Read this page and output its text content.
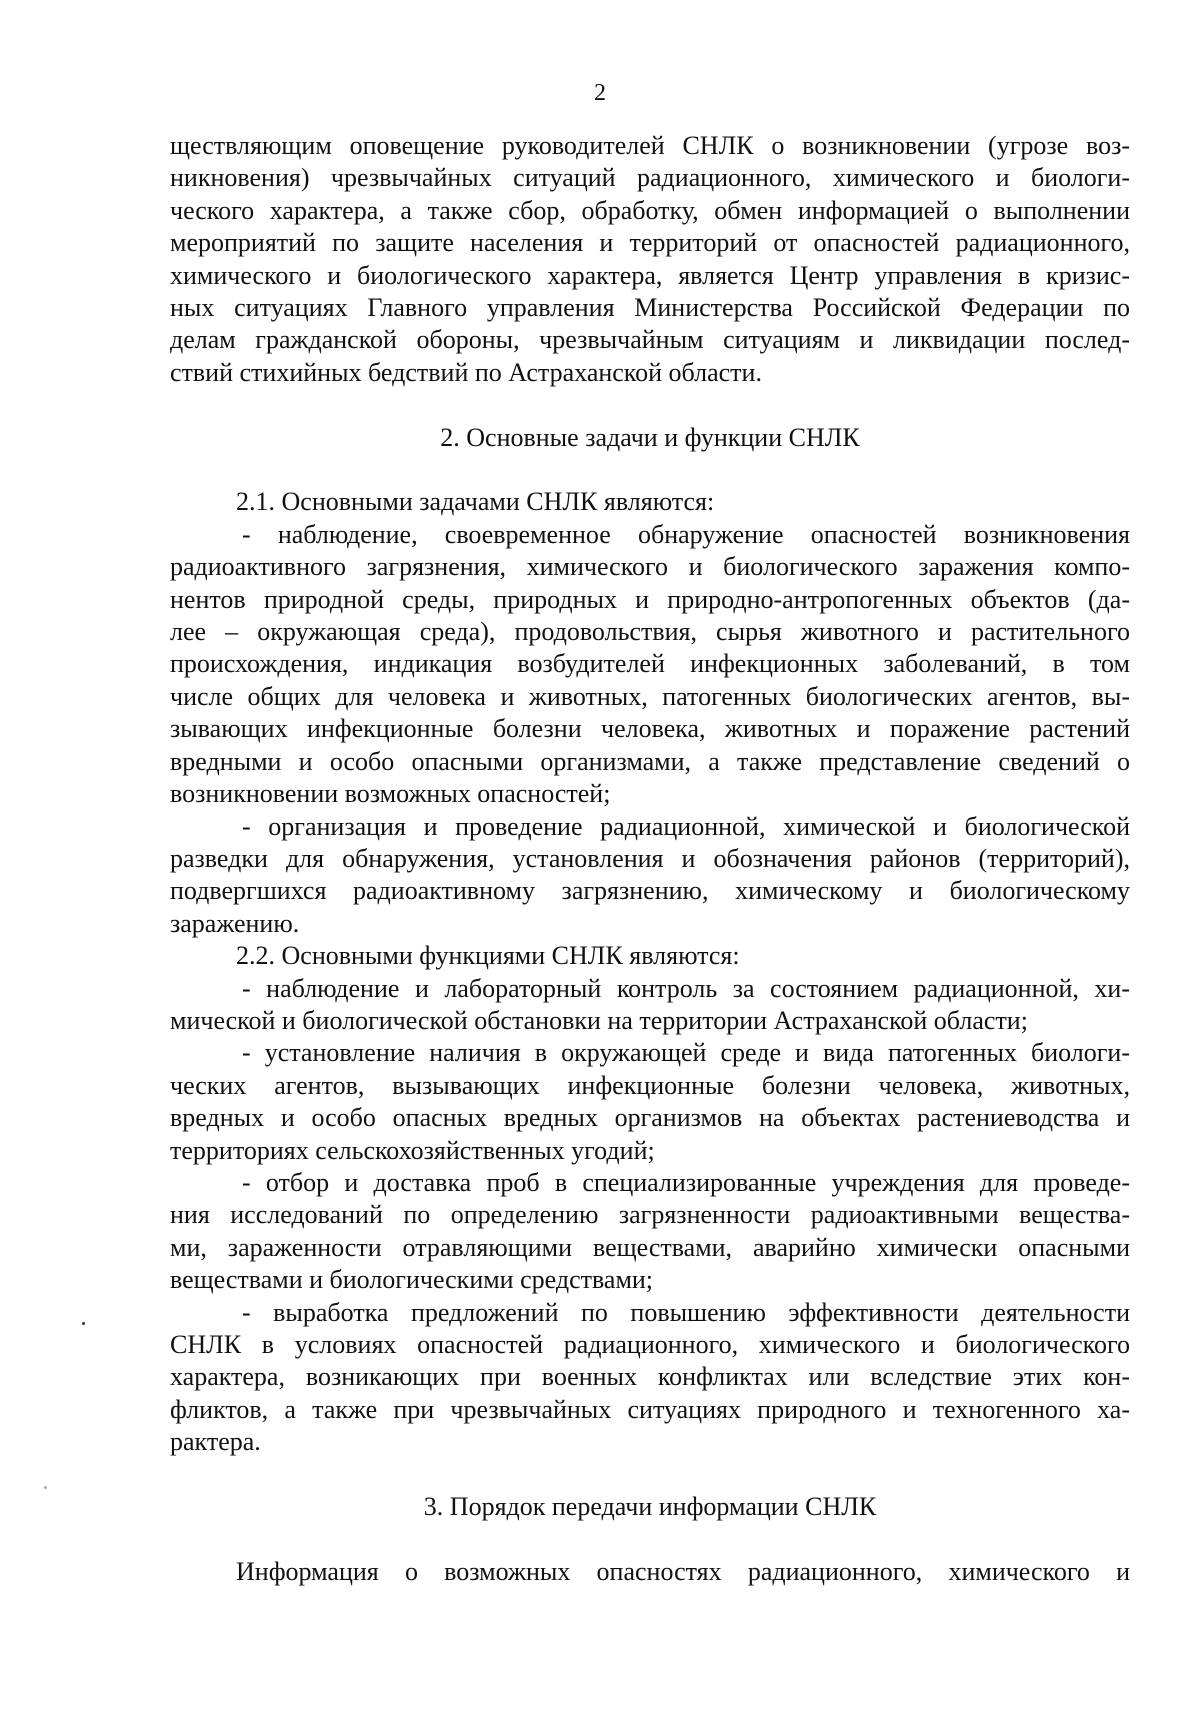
2
ществляющим оповещение руководителей СНЛК о возникновении (угрозе воз-
никновения) чрезвычайных ситуаций радиационного, химического и биологи-
ческого характера, а также сбор, обработку, обмен информацией о выполнении
мероприятий по защите населения и территорий от опасностей радиационного,
химического и биологического характера, является Центр управления в кризис-
ных ситуациях Главного управления Министерства Российской Федерации по
делам гражданской обороны, чрезвычайным ситуациям и ликвидации послед-
ствий стихийных бедствий по Астраханской области.
2. Основные задачи и функции СНЛК
2.1. Основными задачами СНЛК являются:
- наблюдение, своевременное обнаружение опасностей возникновения
радиоактивного загрязнения, химического и биологического заражения компо-
нентов природной среды, природных и природно-антропогенных объектов (да-
лее – окружающая среда), продовольствия, сырья животного и растительного
происхождения, индикация возбудителей инфекционных заболеваний, в том
числе общих для человека и животных, патогенных биологических агентов, вы-
зывающих инфекционные болезни человека, животных и поражение растений
вредными и особо опасными организмами, а также представление сведений о
возникновении возможных опасностей;
- организация и проведение радиационной, химической и биологической
разведки для обнаружения, установления и обозначения районов (территорий),
подвергшихся радиоактивному загрязнению, химическому и биологическому
заражению.
2.2. Основными функциями СНЛК являются:
- наблюдение и лабораторный контроль за состоянием радиационной, хи-
мической и биологической обстановки на территории Астраханской области;
- установление наличия в окружающей среде и вида патогенных биологи-
ческих агентов, вызывающих инфекционные болезни человека, животных,
вредных и особо опасных вредных организмов на объектах растениеводства и
территориях сельскохозяйственных угодий;
- отбор и доставка проб в специализированные учреждения для проведе-
ния исследований по определению загрязненности радиоактивными вещества-
ми, зараженности отравляющими веществами, аварийно химически опасными
веществами и биологическими средствами;
- выработка предложений по повышению эффективности деятельности
СНЛК в условиях опасностей радиационного, химического и биологического
характера, возникающих при военных конфликтах или вследствие этих кон-
фликтов, а также при чрезвычайных ситуациях природного и техногенного ха-
рактера.
3. Порядок передачи информации СНЛК
Информация о возможных опасностях радиационного, химического и
